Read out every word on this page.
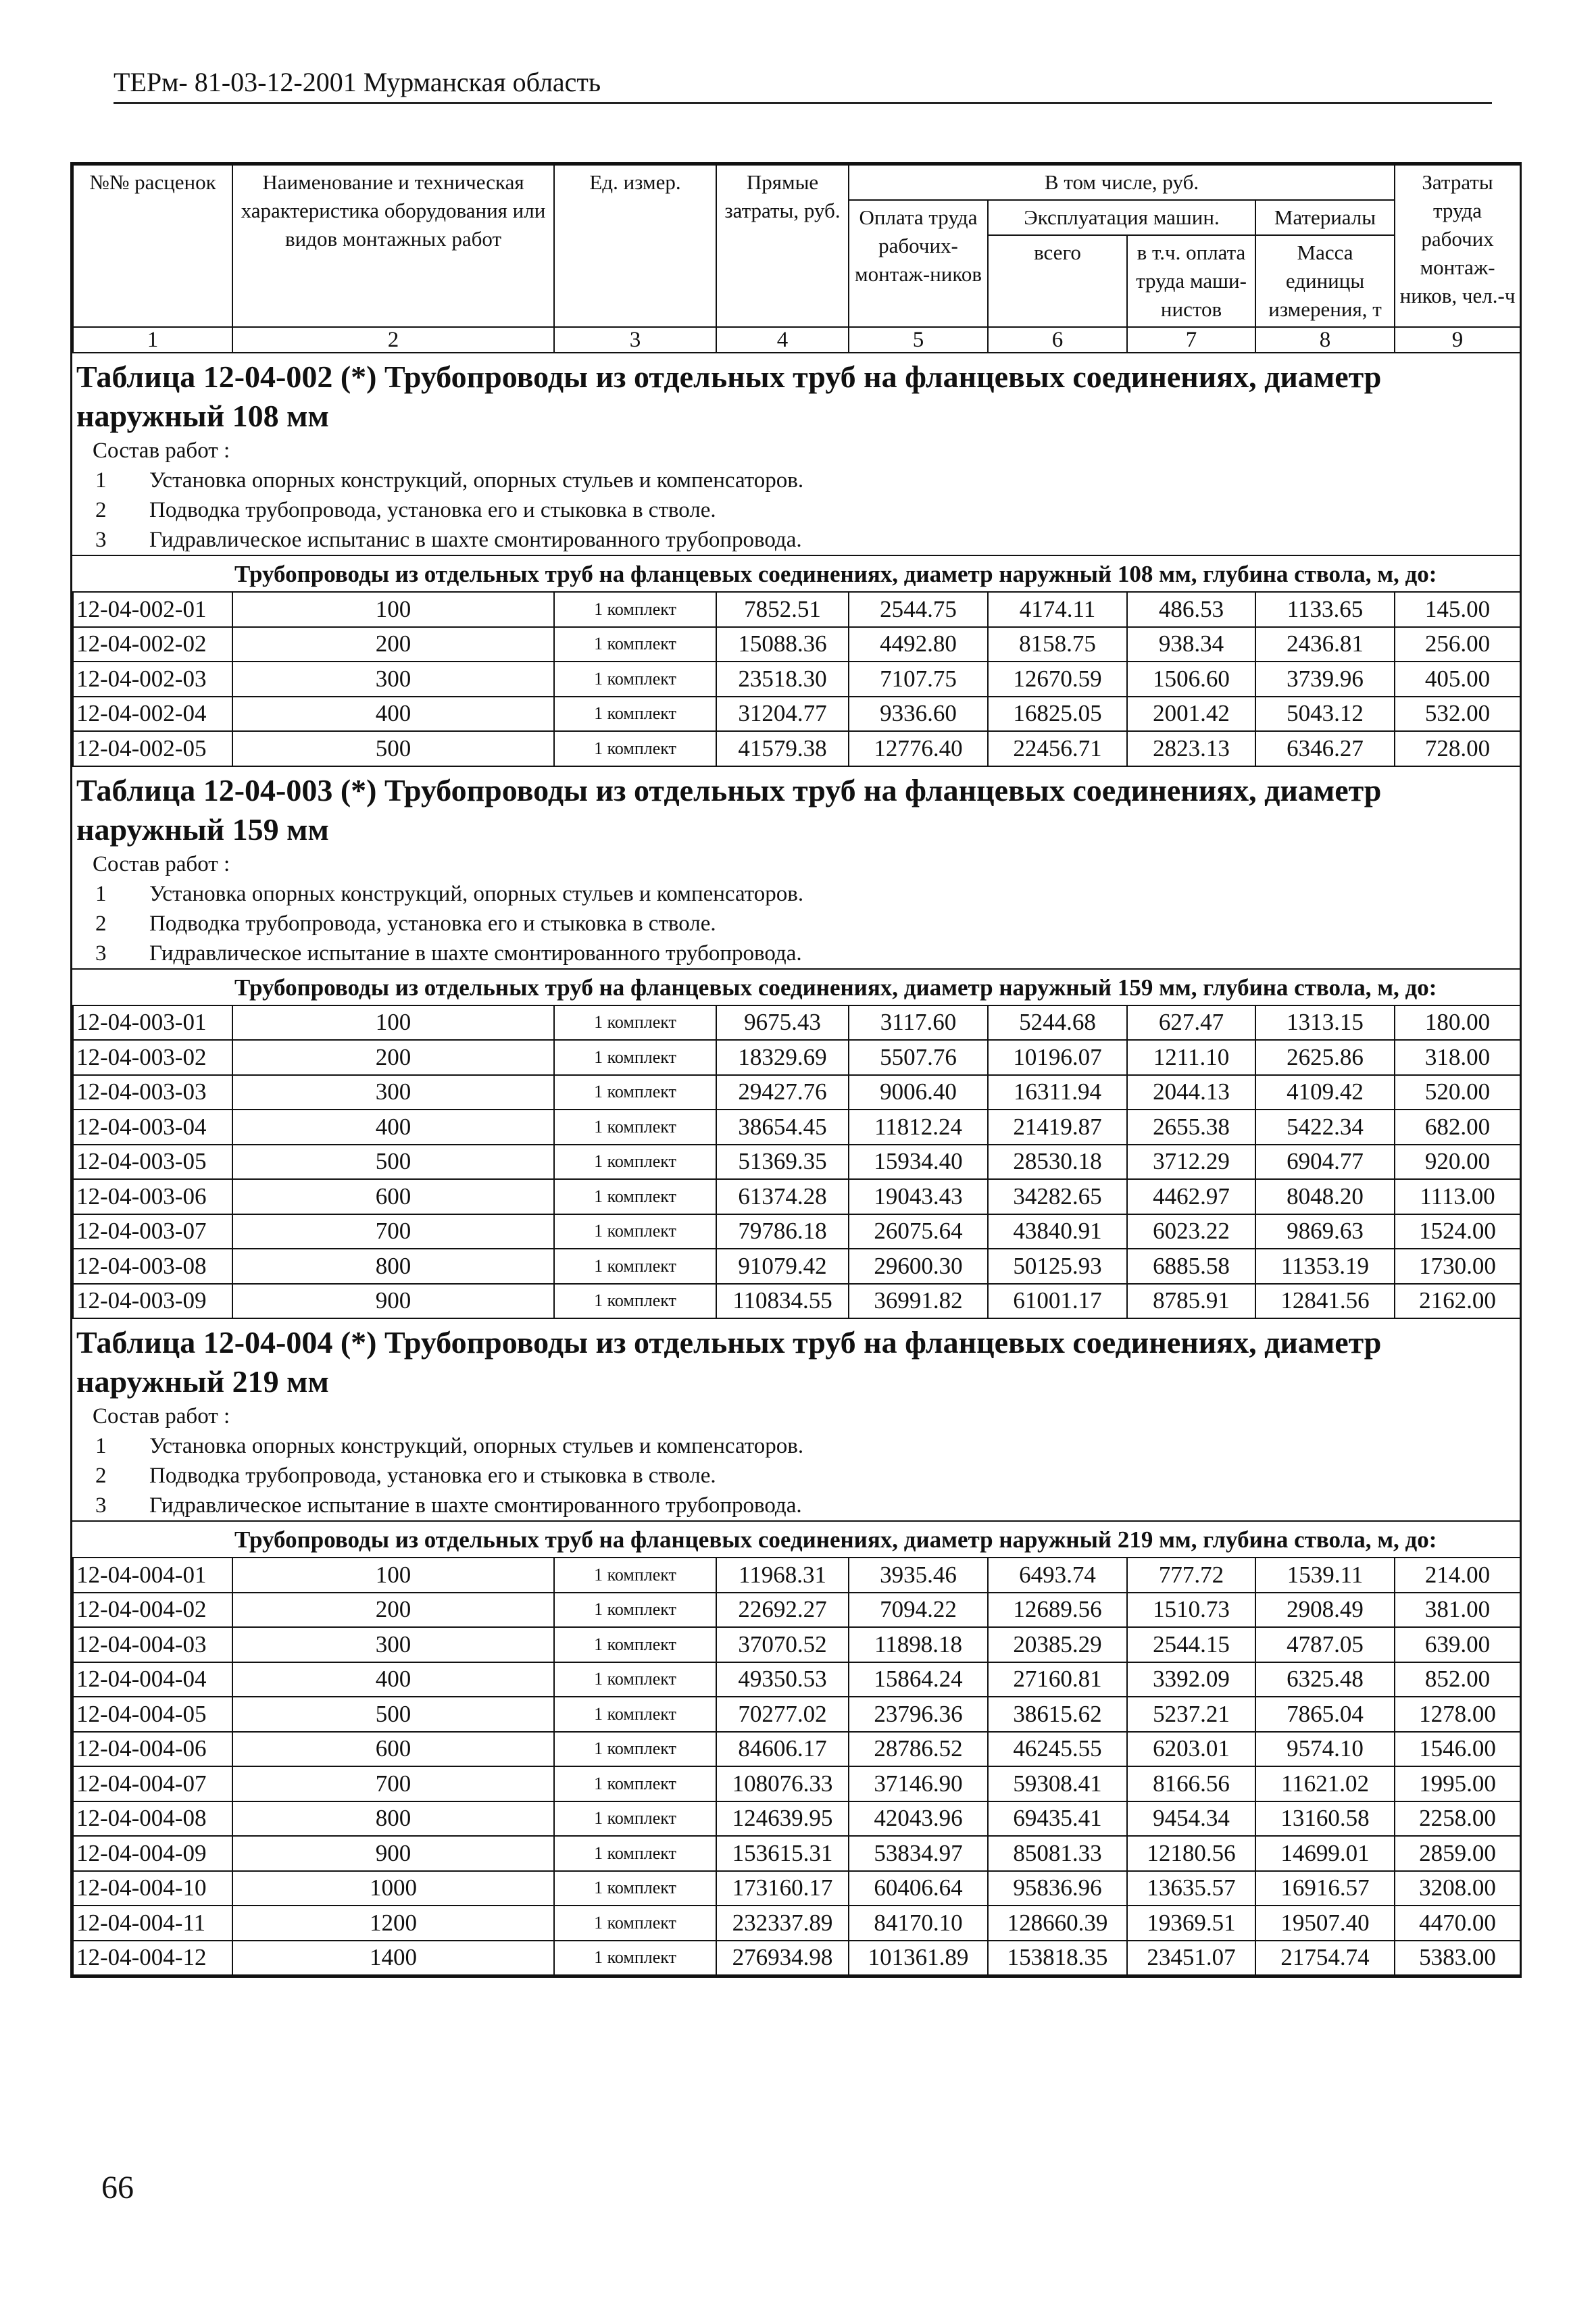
ТЕРм- 81-03-12-2001 Мурманская область
№№ расценок	Наименование и техническая характеристика оборудования или видов монтажных работ	Ед. измер.	Прямые затраты, руб.	В том числе, руб.				Затраты труда рабочих монтаж-ников, чел.-ч
				Оплата труда рабочих-монтаж-ников	Эксплуатация машин.		Материалы	
					всего	в т.ч. оплата труда маши-нистов	Масса единицы измерения, т	
1	2	3	4	5	6	7	8	9
Таблица 12-04-002 (*) Трубопроводы из отдельных труб на фланцевых соединениях, диаметр наружный 108 мм
Состав работ :
1	Установка опорных конструкций, опорных стульев и компенсаторов.
2	Подводка трубопровода, установка его и стыковка в стволе.
3	Гидравлическое испытанис в шахте смонтированного трубопровода.
Трубопроводы из отдельных труб на фланцевых соединениях, диаметр наружный 108 мм, глубина ствола, м, до:
12-04-002-01	100	1 комплект	7852.51	2544.75	4174.11	486.53	1133.65	145.00
12-04-002-02	200	1 комплект	15088.36	4492.80	8158.75	938.34	2436.81	256.00
12-04-002-03	300	1 комплект	23518.30	7107.75	12670.59	1506.60	3739.96	405.00
12-04-002-04	400	1 комплект	31204.77	9336.60	16825.05	2001.42	5043.12	532.00
12-04-002-05	500	1 комплект	41579.38	12776.40	22456.71	2823.13	6346.27	728.00
Таблица 12-04-003 (*) Трубопроводы из отдельных труб на фланцевых соединениях, диаметр наружный 159 мм
Состав работ :
1	Установка опорных конструкций, опорных стульев и компенсаторов.
2	Подводка трубопровода, установка его и стыковка в стволе.
3	Гидравлическое испытание в шахте смонтированного трубопровода.
Трубопроводы из отдельных труб на фланцевых соединениях, диаметр наружный 159 мм, глубина ствола, м, до:
12-04-003-01	100	1 комплект	9675.43	3117.60	5244.68	627.47	1313.15	180.00
12-04-003-02	200	1 комплект	18329.69	5507.76	10196.07	1211.10	2625.86	318.00
12-04-003-03	300	1 комплект	29427.76	9006.40	16311.94	2044.13	4109.42	520.00
12-04-003-04	400	1 комплект	38654.45	11812.24	21419.87	2655.38	5422.34	682.00
12-04-003-05	500	1 комплект	51369.35	15934.40	28530.18	3712.29	6904.77	920.00
12-04-003-06	600	1 комплект	61374.28	19043.43	34282.65	4462.97	8048.20	1113.00
12-04-003-07	700	1 комплект	79786.18	26075.64	43840.91	6023.22	9869.63	1524.00
12-04-003-08	800	1 комплект	91079.42	29600.30	50125.93	6885.58	11353.19	1730.00
12-04-003-09	900	1 комплект	110834.55	36991.82	61001.17	8785.91	12841.56	2162.00
Таблица 12-04-004 (*) Трубопроводы из отдельных труб на фланцевых соединениях, диаметр наружный 219 мм
Состав работ :
1	Установка опорных конструкций, опорных стульев и компенсаторов.
2	Подводка трубопровода, установка его и стыковка в стволе.
3	Гидравлическое испытание в шахте смонтированного трубопровода.
Трубопроводы из отдельных труб на фланцевых соединениях, диаметр наружный 219 мм, глубина ствола, м, до:
12-04-004-01	100	1 комплект	11968.31	3935.46	6493.74	777.72	1539.11	214.00
12-04-004-02	200	1 комплект	22692.27	7094.22	12689.56	1510.73	2908.49	381.00
12-04-004-03	300	1 комплект	37070.52	11898.18	20385.29	2544.15	4787.05	639.00
12-04-004-04	400	1 комплект	49350.53	15864.24	27160.81	3392.09	6325.48	852.00
12-04-004-05	500	1 комплект	70277.02	23796.36	38615.62	5237.21	7865.04	1278.00
12-04-004-06	600	1 комплект	84606.17	28786.52	46245.55	6203.01	9574.10	1546.00
12-04-004-07	700	1 комплект	108076.33	37146.90	59308.41	8166.56	11621.02	1995.00
12-04-004-08	800	1 комплект	124639.95	42043.96	69435.41	9454.34	13160.58	2258.00
12-04-004-09	900	1 комплект	153615.31	53834.97	85081.33	12180.56	14699.01	2859.00
12-04-004-10	1000	1 комплект	173160.17	60406.64	95836.96	13635.57	16916.57	3208.00
12-04-004-11	1200	1 комплект	232337.89	84170.10	128660.39	19369.51	19507.40	4470.00
12-04-004-12	1400	1 комплект	276934.98	101361.89	153818.35	23451.07	21754.74	5383.00
66
